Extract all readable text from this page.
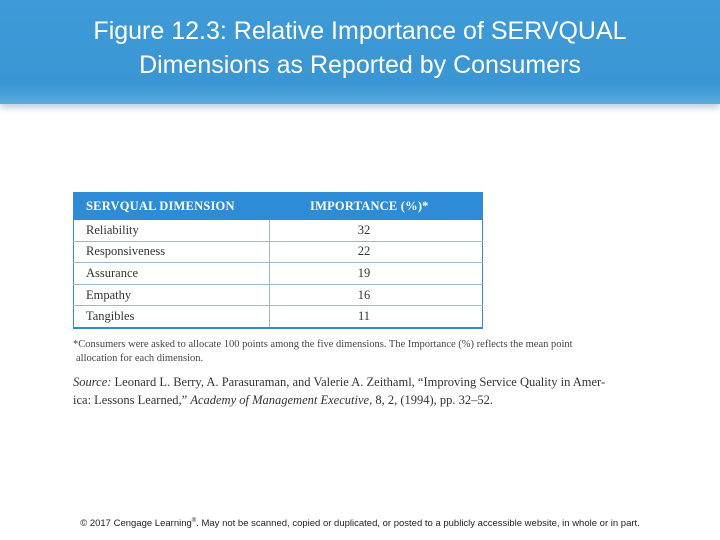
Figure 12.3: Relative Importance of SERVQUAL
Dimensions as Reported by Consumers
SERVQUAL DIMENSION	IMPORTANCE (%)*
Reliability	32
Responsiveness	22
Assurance	19
Empathy	16
Tangibles	11
*Consumers were asked to allocate 100 points among the five dimensions. The Importance (%) reflects the mean point
allocation for each dimension.
Source: Leonard L. Berry, A. Parasuraman, and Valerie A. Zeithaml, “Improving Service Quality in Amer-
ica: Lessons Learned,” Academy of Management Executive, 8, 2, (1994), pp. 32–52.
© 2017 Cengage Learning®. May not be scanned, copied or duplicated, or posted to a publicly accessible website, in whole or in part.
